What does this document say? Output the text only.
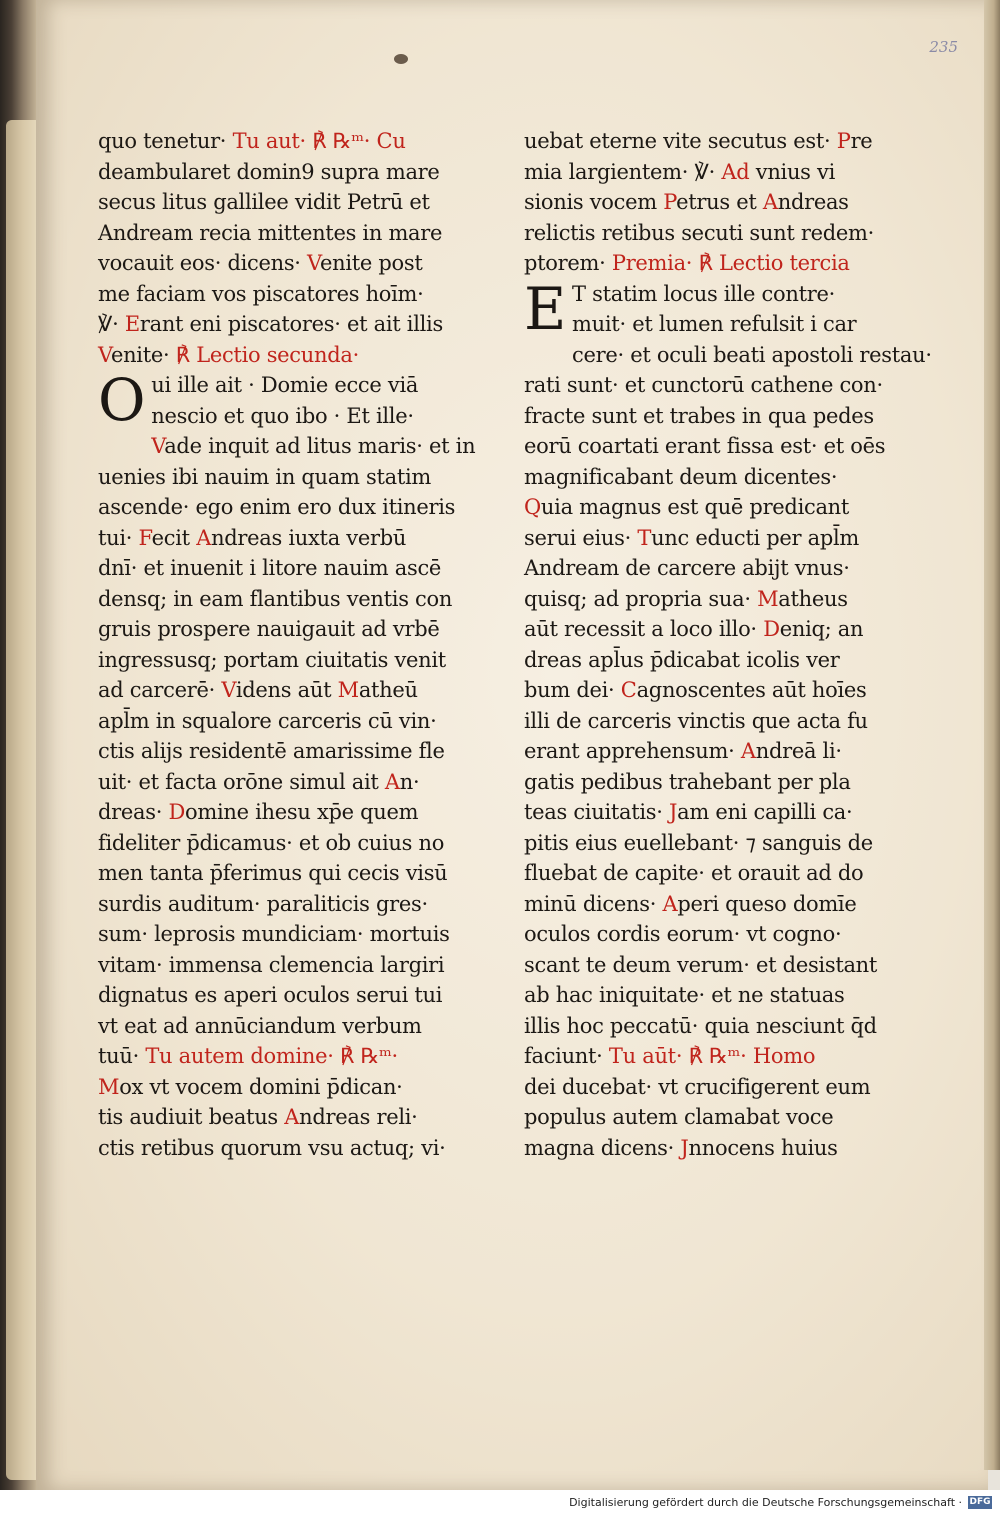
235
quo tenetur· Tu aut· ℟ ℞ᵐ· Cu
deambularet domin9 supra mare
secus litus gallilee vidit Petrū et
Andream recia mittentes in mare
vocauit eos· dicens· Venite post
me faciam vos piscatores hoīm·
℣· Erant eni piscatores· et ait illis
Venite· ℟ Lectio secunda·
Oui ille ait · Domie ecce viā
nescio et quo ibo · Et ille·
Vade inquit ad litus maris· et in
uenies ibi nauim in quam statim
ascende· ego enim ero dux itineris
tui· Fecit Andreas iuxta verbū
dnī· et inuenit i litore nauim ascē
densq; in eam flantibus ventis con
gruis prospere nauigauit ad vrbē
ingressusq; portam ciuitatis venit
ad carcerē· Videns aūt Matheū
apl̄m in squalore carceris cū vin·
ctis alijs residentē amarissime fle
uit· et facta orōne simul ait An·
dreas· Domine ihesu xp̄e quem
fideliter p̄dicamus· et ob cuius no
men tanta p̄ferimus qui cecis visū
surdis auditum· paraliticis gres·
sum· leprosis mundiciam· mortuis
vitam· immensa clemencia largiri
dignatus es aperi oculos serui tui
vt eat ad annūciandum verbum
tuū· Tu autem domine· ℟ ℞ᵐ·
Mox vt vocem domini p̄dican·
tis audiuit beatus Andreas reli·
ctis retibus quorum vsu actuq; vi·
uebat eterne vite secutus est· Pre
mia largientem· ℣· Ad vnius vi
sionis vocem Petrus et Andreas
relictis retibus secuti sunt redem·
ptorem· Premia· ℟ Lectio tercia
E T statim locus ille contre·
muit· et lumen refulsit i car
cere· et oculi beati apostoli restau·
rati sunt· et cunctorū cathene con·
fracte sunt et trabes in qua pedes
eorū coartati erant fissa est· et oēs
magnificabant deum dicentes·
Quia magnus est quē predicant
serui eius· Tunc educti per apl̄m
Andream de carcere abijt vnus·
quisq; ad propria sua· Matheus
aūt recessit a loco illo· Deniq; an
dreas apl̄us p̄dicabat icolis ver
bum dei· Cagnoscentes aūt hoīes
illi de carceris vinctis que acta fu
erant apprehensum· Andreā li·
gatis pedibus trahebant per pla
teas ciuitatis· Jam eni capilli ca·
pitis eius euellebant· ⁊ sanguis de
fluebat de capite· et orauit ad do
minū dicens· Aperi queso domīe
oculos cordis eorum· vt cogno·
scant te deum verum· et desistant
ab hac iniquitate· et ne statuas
illis hoc peccatū· quia nesciunt q̄d
faciunt· Tu aūt· ℟ ℞ᵐ· Homo
dei ducebat· vt crucifigerent eum
populus autem clamabat voce
magna dicens· Jnnocens huius
Digitalisierung gefördert durch die Deutsche Forschungsgemeinschaft · DFG
